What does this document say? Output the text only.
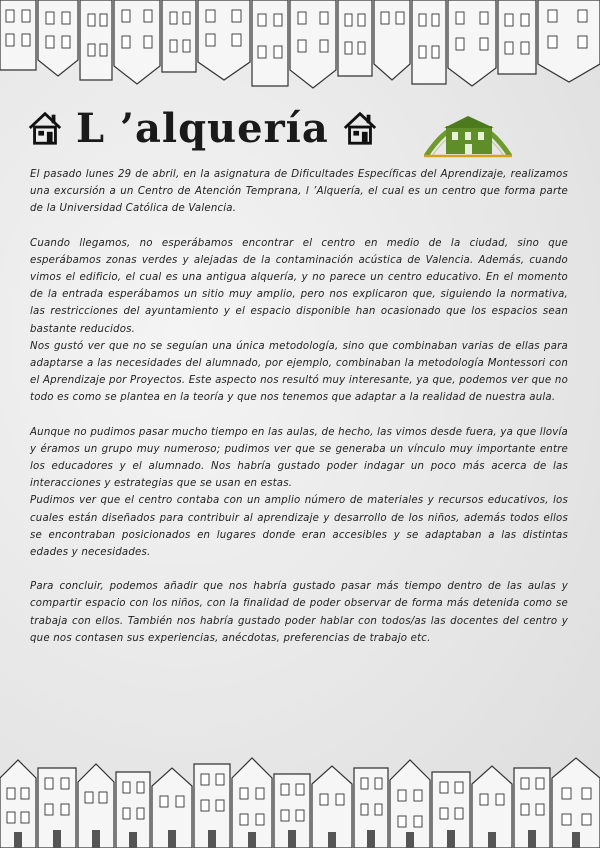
L ’alquería

El pasado lunes 29 de abril, en la asignatura de Dificultades Específicas del Aprendizaje, realizamos una excursión a un Centro de Atención Temprana, l ’Alquería, el cual es un centro que forma parte de la Universidad Católica de Valencia.

Cuando llegamos, no esperábamos encontrar el centro en medio de la ciudad, sino que esperábamos zonas verdes y alejadas de la contaminación acústica de Valencia. Además, cuando vimos el edificio, el cual es una antigua alquería, y no parece un centro educativo. En el momento de la entrada esperábamos un sitio muy amplio, pero nos explicaron que, siguiendo la normativa, las restricciones del ayuntamiento y el espacio disponible han ocasionado que los espacios sean bastante reducidos.

Nos gustó ver que no se seguían una única metodología, sino que combinaban varias de ellas para adaptarse a las necesidades del alumnado, por ejemplo, combinaban la metodología Montessori con el Aprendizaje por Proyectos. Este aspecto nos resultó muy interesante, ya que, podemos ver que no todo es como se plantea en la teoría y que nos tenemos que adaptar a la realidad de nuestra aula.

Aunque no pudimos pasar mucho tiempo en las aulas, de hecho, las vimos desde fuera, ya que llovía y éramos un grupo muy numeroso; pudimos ver que se generaba un vínculo muy importante entre los educadores y el alumnado. Nos habría gustado poder indagar un poco más acerca de las interacciones y estrategias que se usan en estas.

Pudimos ver que el centro contaba con un amplio número de materiales y recursos educativos, los cuales están diseñados para contribuir al aprendizaje y desarrollo de los niños, además todos ellos se encontraban posicionados en lugares donde eran accesibles y se adaptaban a las distintas edades y necesidades.

Para concluir, podemos añadir que nos habría gustado pasar más tiempo dentro de las aulas y compartir espacio con los niños, con la finalidad de poder observar de forma más detenida como se trabaja con ellos. También nos habría gustado poder hablar con todos/as las docentes del centro y que nos contasen sus experiencias, anécdotas, preferencias de trabajo etc.
